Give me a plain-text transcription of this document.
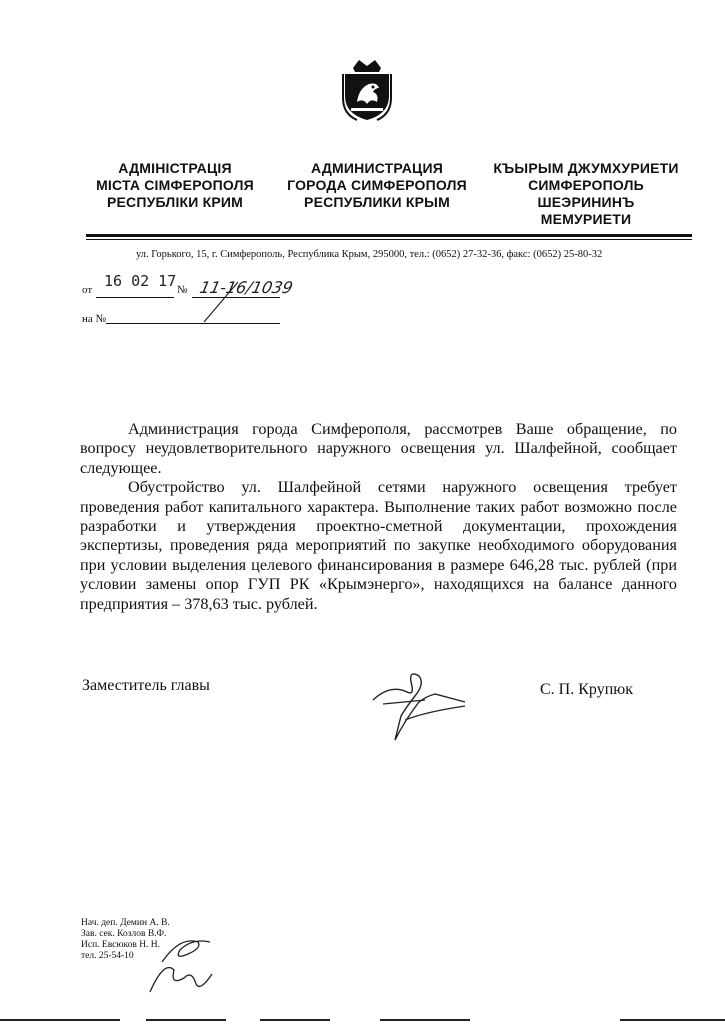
АДМІНІСТРАЦІЯ
МІСТА СІМФЕРОПОЛЯ
РЕСПУБЛІКИ КРИМ
АДМИНИСТРАЦИЯ
ГОРОДА СИМФЕРОПОЛЯ
РЕСПУБЛИКИ КРЫМ
КЪЫРЫМ ДЖУМХУРИЕТИ
СИМФЕРОПОЛЬ
ШЕЭРИНИНЪ
МЕМУРИЕТИ
ул. Горького, 15, г. Симферополь, Республика Крым, 295000, тел.: (0652) 27-32-36, факс: (0652) 25-80-32
от 16 02 17 № 11-16/1039
на №

Администрация города Симферополя, рассмотрев Ваше обращение, по вопросу неудовлетворительного наружного освещения ул. Шалфейной, сообщает следующее.

Обустройство ул. Шалфейной сетями наружного освещения требует проведения работ капитального характера. Выполнение таких работ возможно после разработки и утверждения проектно-сметной документации, прохождения экспертизы, проведения ряда мероприятий по закупке необходимого оборудования при условии выделения целевого финансирования в размере 646,28 тыс. рублей (при условии замены опор ГУП РК «Крымэнерго», находящихся на балансе данного предприятия – 378,63 тыс. рублей.

Заместитель главы	С. П. Крупюк
Нач. деп. Демин А. В.
Зав. сек. Козлов В.Ф.
Исп. Евсюков Н. Н.
тел. 25-54-10
